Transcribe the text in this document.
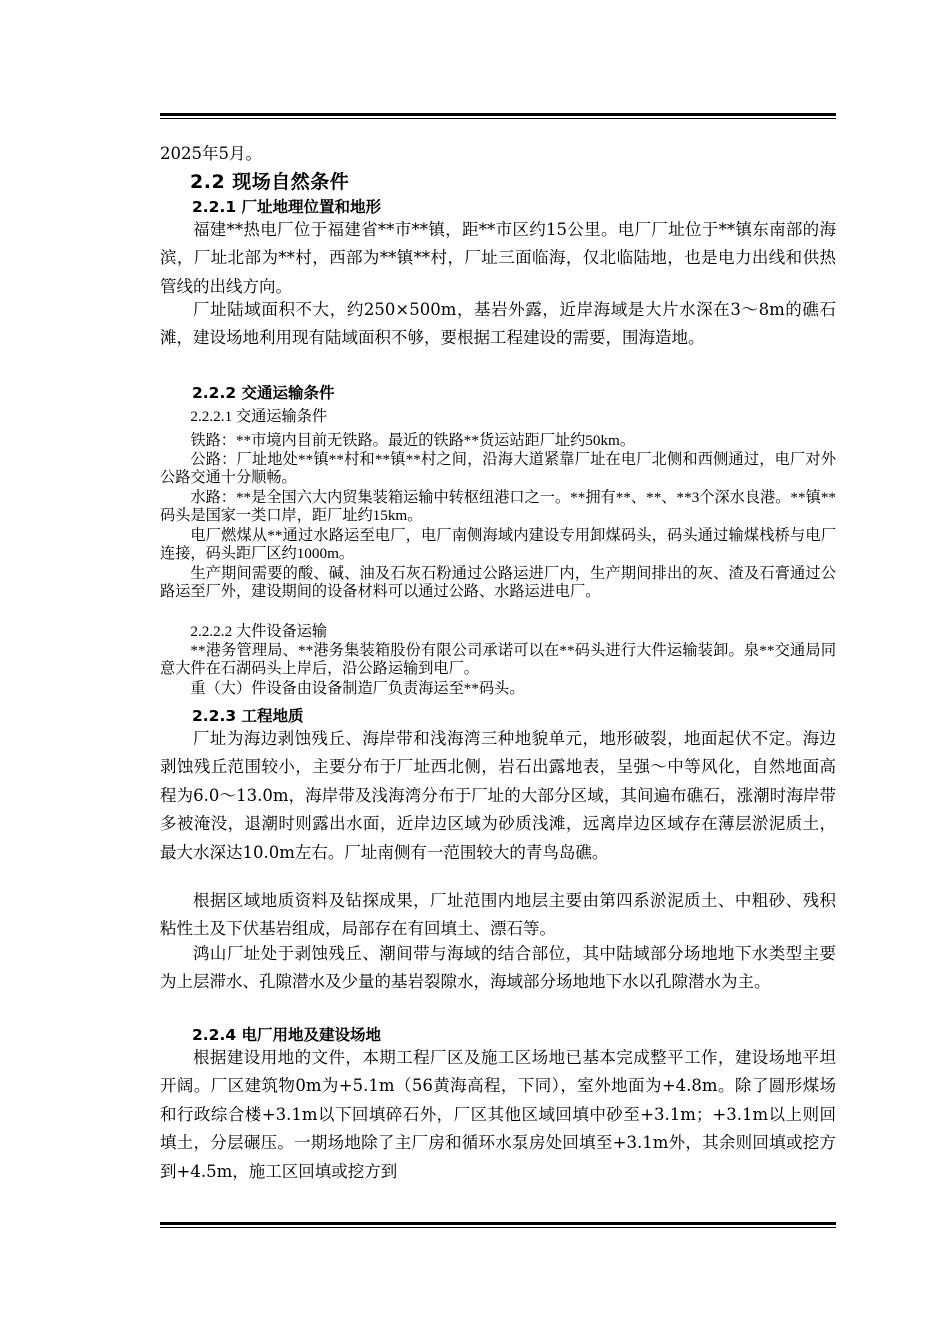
2025年5月。
2.2 现场自然条件
2.2.1 厂址地理位置和地形

福建**热电厂位于福建省**市**镇，距**市区约15公里。电厂厂址位于**镇东南部的海滨，厂址北部为**村，西部为**镇**村，厂址三面临海，仅北临陆地，也是电力出线和供热管线的出线方向。

厂址陆域面积不大，约250×500m，基岩外露，近岸海域是大片水深在3～8m的礁石滩，建设场地利用现有陆域面积不够，要根据工程建设的需要，围海造地。

2.2.2 交通运输条件

2.2.2.1 交通运输条件

铁路：**市境内目前无铁路。最近的铁路**货运站距厂址约50km。

公路：厂址地处**镇**村和**镇**村之间，沿海大道紧靠厂址在电厂北侧和西侧通过，电厂对外公路交通十分顺畅。

水路：**是全国六大内贸集装箱运输中转枢纽港口之一。**拥有**、**、**3个深水良港。**镇**码头是国家一类口岸，距厂址约15km。

电厂燃煤从**通过水路运至电厂，电厂南侧海域内建设专用卸煤码头，码头通过输煤栈桥与电厂连接，码头距厂区约1000m。

生产期间需要的酸、碱、油及石灰石粉通过公路运进厂内，生产期间排出的灰、渣及石膏通过公路运至厂外，建设期间的设备材料可以通过公路、水路运进电厂。

2.2.2.2 大件设备运输

**港务管理局、**港务集装箱股份有限公司承诺可以在**码头进行大件运输装卸。泉**交通局同意大件在石湖码头上岸后，沿公路运输到电厂。

重（大）件设备由设备制造厂负责海运至**码头。

2.2.3 工程地质

厂址为海边剥蚀残丘、海岸带和浅海湾三种地貌单元，地形破裂，地面起伏不定。海边剥蚀残丘范围较小，主要分布于厂址西北侧，岩石出露地表，呈强～中等风化，自然地面高程为6.0～13.0m，海岸带及浅海湾分布于厂址的大部分区域，其间遍布礁石，涨潮时海岸带多被淹没，退潮时则露出水面，近岸边区域为砂质浅滩，远离岸边区域存在薄层淤泥质土，最大水深达10.0m左右。厂址南侧有一范围较大的青鸟岛礁。

根据区域地质资料及钻探成果，厂址范围内地层主要由第四系淤泥质土、中粗砂、残积粘性土及下伏基岩组成，局部存在有回填土、漂石等。

鸿山厂址处于剥蚀残丘、潮间带与海域的结合部位，其中陆域部分场地地下水类型主要为上层滞水、孔隙潜水及少量的基岩裂隙水，海域部分场地地下水以孔隙潜水为主。

2.2.4 电厂用地及建设场地

根据建设用地的文件，本期工程厂区及施工区场地已基本完成整平工作，建设场地平坦开阔。厂区建筑物0m为+5.1m（56黄海高程，下同），室外地面为+4.8m。除了圆形煤场和行政综合楼+3.1m以下回填碎石外，厂区其他区域回填中砂至+3.1m；+3.1m以上则回填土，分层碾压。一期场地除了主厂房和循环水泵房处回填至+3.1m外，其余则回填或挖方到+4.5m，施工区回填或挖方到
